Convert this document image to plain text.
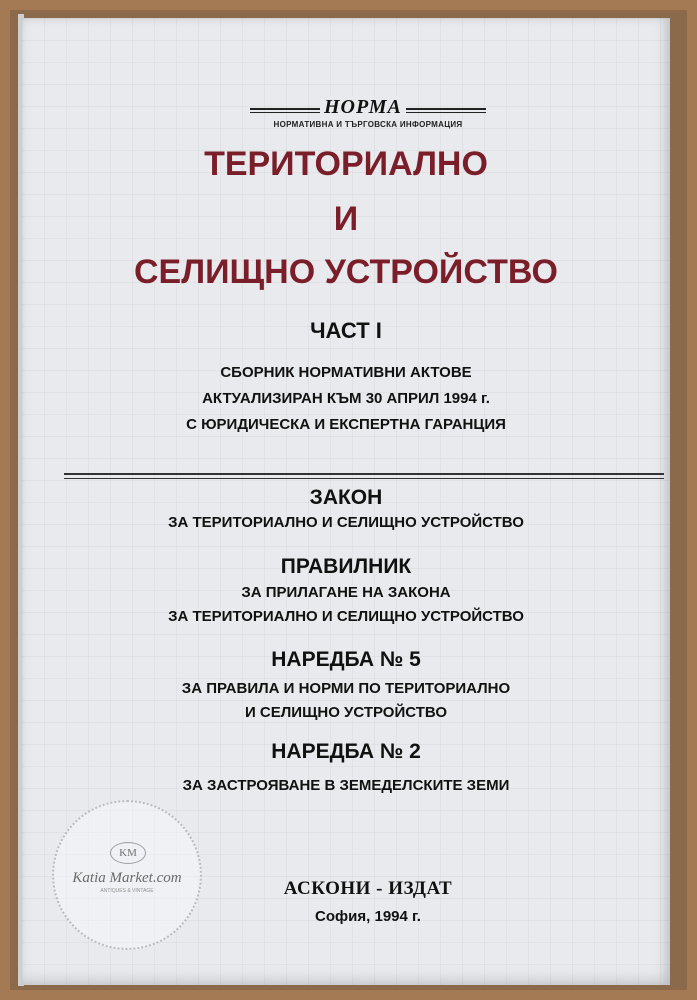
НОРМА
НОРМАТИВНА И ТЪРГОВСКА ИНФОРМАЦИЯ
ТЕРИТОРИАЛНО
И
СЕЛИЩНО УСТРОЙСТВО
ЧАСТ I
СБОРНИК НОРМАТИВНИ АКТОВЕ
АКТУАЛИЗИРАН КЪМ 30 АПРИЛ 1994 г.
С ЮРИДИЧЕСКА И ЕКСПЕРТНА ГАРАНЦИЯ
ЗАКОН
ЗА ТЕРИТОРИАЛНО И СЕЛИЩНО УСТРОЙСТВО
ПРАВИЛНИК
ЗА ПРИЛАГАНЕ НА ЗАКОНА
ЗА ТЕРИТОРИАЛНО И СЕЛИЩНО УСТРОЙСТВО
НАРЕДБА № 5
ЗА ПРАВИЛА И НОРМИ ПО ТЕРИТОРИАЛНО
И СЕЛИЩНО УСТРОЙСТВО
НАРЕДБА № 2
ЗА ЗАСТРОЯВАНЕ В ЗЕМЕДЕЛСКИТЕ ЗЕМИ
АСКОНИ - ИЗДАТ
София, 1994 г.
KM
Katia Market.com
ANTIQUES & VINTAGE
